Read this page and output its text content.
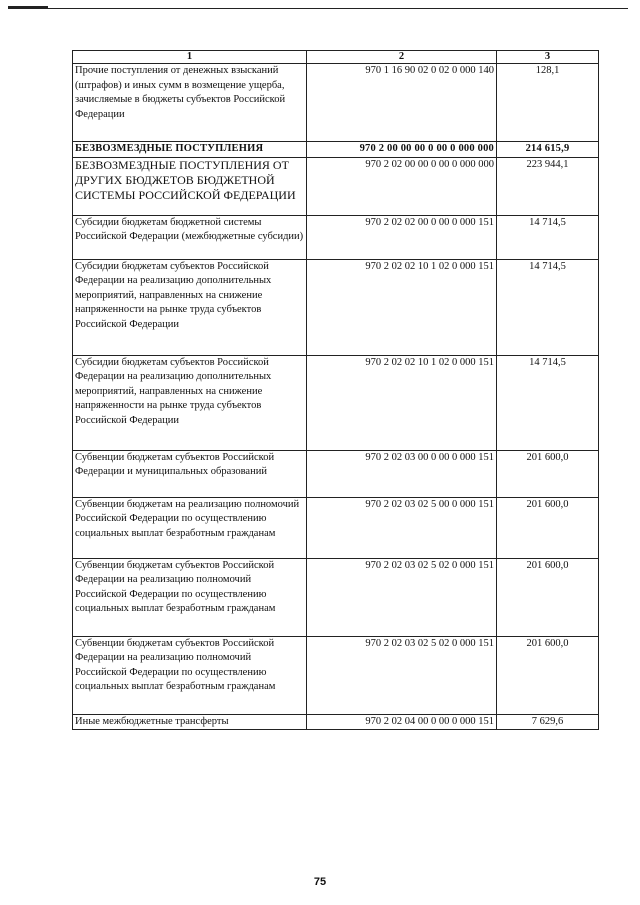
1	2	3
Прочие поступления от денежных взысканий (штрафов) и иных сумм в возмещение ущерба, зачисляемые в бюджеты субъектов Российской Федерации	970 1 16 90 02 0 02 0 000 140	128,1
БЕЗВОЗМЕЗДНЫЕ ПОСТУПЛЕНИЯ	970 2 00 00 00 0 00 0 000 000	214 615,9
БЕЗВОЗМЕЗДНЫЕ ПОСТУПЛЕНИЯ ОТ ДРУГИХ БЮДЖЕТОВ БЮДЖЕТНОЙ СИСТЕМЫ РОССИЙСКОЙ ФЕДЕРАЦИИ	970 2 02 00 00 0 00 0 000 000	223 944,1
Субсидии бюджетам бюджетной системы Российской Федерации (межбюджетные субсидии)	970 2 02 02 00 0 00 0 000 151	14 714,5
Субсидии бюджетам субъектов Российской Федерации на реализацию дополнительных мероприятий, направленных на снижение напряженности на рынке труда субъектов Российской Федерации	970 2 02 02 10 1 02 0 000 151	14 714,5
Субсидии бюджетам субъектов Российской Федерации на реализацию дополнительных мероприятий, направленных на снижение напряженности на рынке труда субъектов Российской Федерации	970 2 02 02 10 1 02 0 000 151	14 714,5
Субвенции бюджетам субъектов Российской Федерации и муниципальных образований	970 2 02 03 00 0 00 0 000 151	201 600,0
Субвенции бюджетам на реализацию полномочий Российской Федерации по осуществлению социальных выплат безработным гражданам	970 2 02 03 02 5 00 0 000 151	201 600,0
Субвенции бюджетам субъектов Российской Федерации на реализацию полномочий Российской Федерации по осуществлению социальных выплат безработным гражданам	970 2 02 03 02 5 02 0 000 151	201 600,0
Субвенции бюджетам субъектов Российской Федерации на реализацию полномочий Российской Федерации по осуществлению социальных выплат безработным гражданам	970 2 02 03 02 5 02 0 000 151	201 600,0
Иные межбюджетные трансферты	970 2 02 04 00 0 00 0 000 151	7 629,6
75
